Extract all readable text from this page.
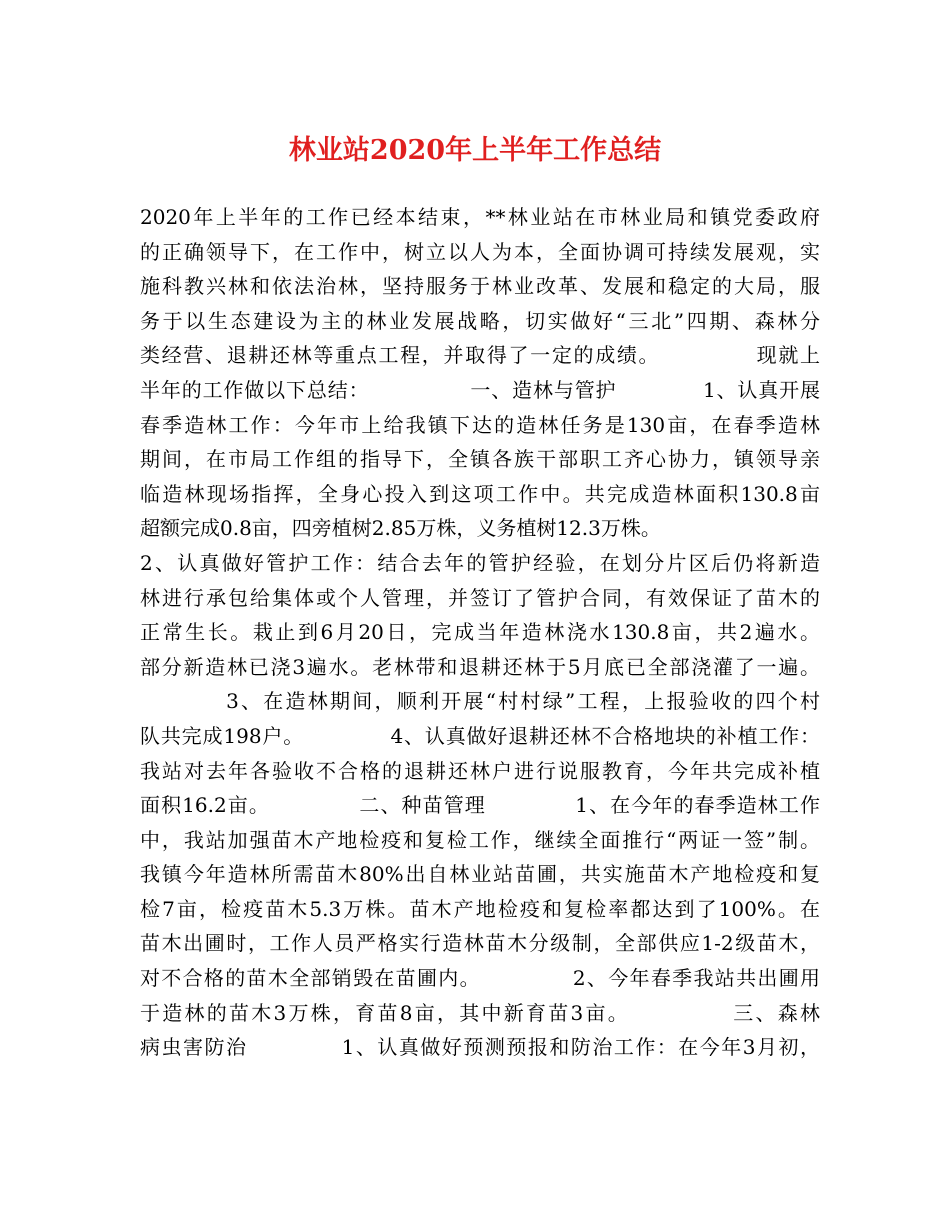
林业站2020年上半年工作总结
2020年上半年的工作已经本结束，**林业站在市林业局和镇党委政府
的正确领导下，在工作中，树立以人为本，全面协调可持续发展观，实
施科教兴林和依法治林，坚持服务于林业改革、发展和稳定的大局，服
务于以生态建设为主的林业发展战略，切实做好“三北”四期、森林分
类经营、退耕还林等重点工程，并取得了一定的成绩。            现就上
半年的工作做以下总结：              一、造林与管护            1、认真开展
春季造林工作：今年市上给我镇下达的造林任务是130亩，在春季造林
期间，在市局工作组的指导下，全镇各族干部职工齐心协力，镇领导亲
临造林现场指挥，全身心投入到这项工作中。共完成造林面积130.8亩
超额完成0.8亩，四旁植树2.85万株，义务植树12.3万株。
2、认真做好管护工作：结合去年的管护经验，在划分片区后仍将新造
林进行承包给集体或个人管理，并签订了管护合同，有效保证了苗木的
正常生长。栽止到6月20日，完成当年造林浇水130.8亩，共2遍水。
部分新造林已浇3遍水。老林带和退耕还林于5月底已全部浇灌了一遍。
3、在造林期间，顺利开展“村村绿”工程，上报验收的四个村
队共完成198户。            4、认真做好退耕还林不合格地块的补植工作：
我站对去年各验收不合格的退耕还林户进行说服教育，今年共完成补植
面积16.2亩。            二、种苗管理            1、在今年的春季造林工作
中，我站加强苗木产地检疫和复检工作，继续全面推行“两证一签”制。
我镇今年造林所需苗木80%出自林业站苗圃，共实施苗木产地检疫和复
检7亩，检疫苗木5.3万株。苗木产地检疫和复检率都达到了100%。在
苗木出圃时，工作人员严格实行造林苗木分级制，全部供应1-2级苗木，
对不合格的苗木全部销毁在苗圃内。            2、今年春季我站共出圃用
于造林的苗木3万株，育苗8亩，其中新育苗3亩。            三、森林
病虫害防治            1、认真做好预测预报和防治工作：在今年3月初，
